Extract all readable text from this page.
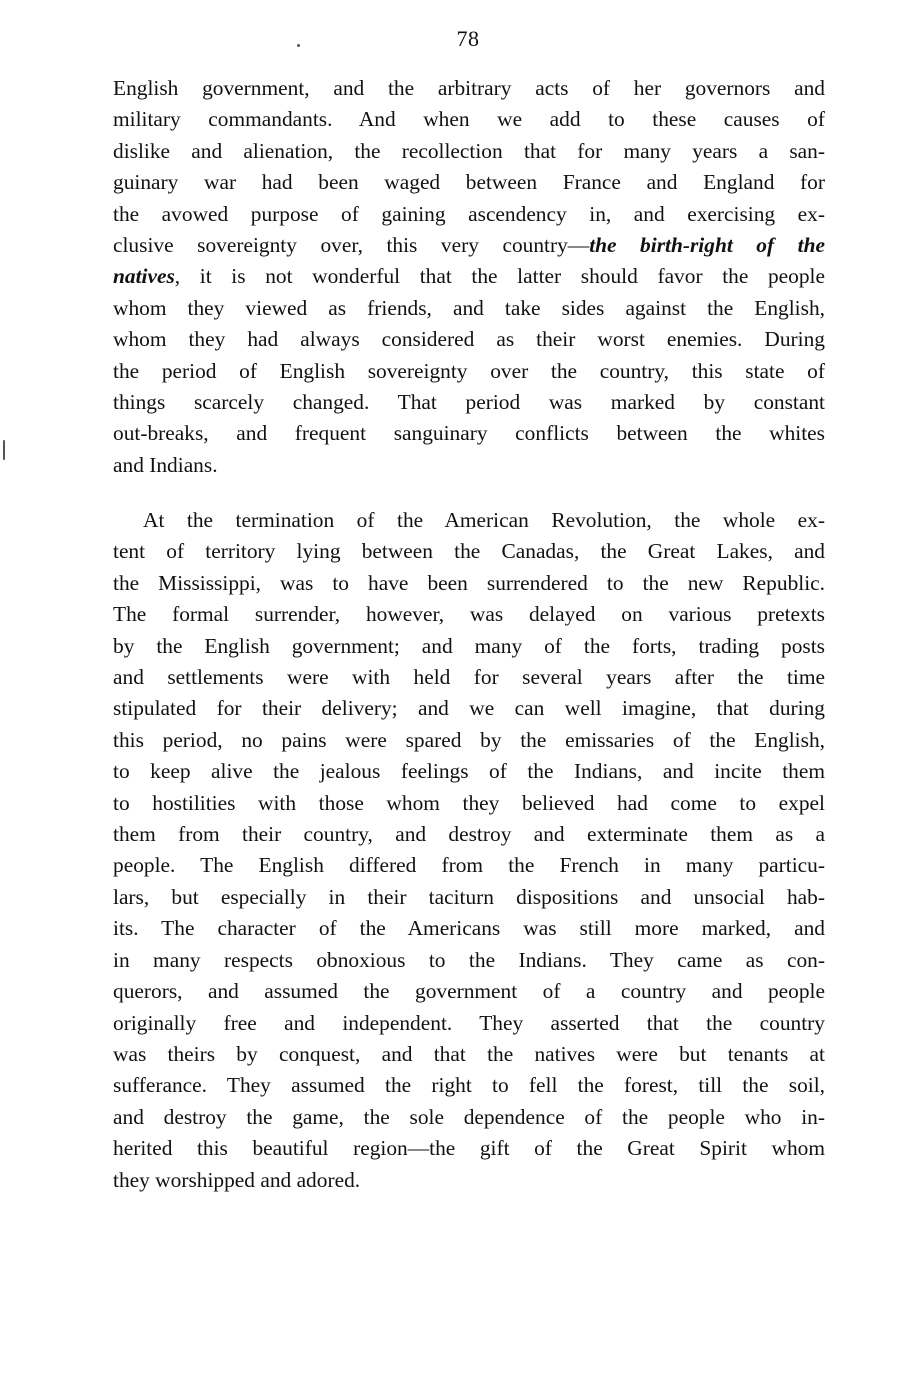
78
English government, and the arbitrary acts of her governors and
military commandants. And when we add to these causes of
dislike and alienation, the recollection that for many years a san-
guinary war had been waged between France and England for
the avowed purpose of gaining ascendency in, and exercising ex-
clusive sovereignty over, this very country—the birth-right of the
natives, it is not wonderful that the latter should favor the people
whom they viewed as friends, and take sides against the English,
whom they had always considered as their worst enemies. During
the period of English sovereignty over the country, this state of
things scarcely changed. That period was marked by constant
out-breaks, and frequent sanguinary conflicts between the whites
and Indians.
At the termination of the American Revolution, the whole ex-
tent of territory lying between the Canadas, the Great Lakes, and
the Mississippi, was to have been surrendered to the new Republic.
The formal surrender, however, was delayed on various pretexts
by the English government; and many of the forts, trading posts
and settlements were with held for several years after the time
stipulated for their delivery; and we can well imagine, that during
this period, no pains were spared by the emissaries of the English,
to keep alive the jealous feelings of the Indians, and incite them
to hostilities with those whom they believed had come to expel
them from their country, and destroy and exterminate them as a
people. The English differed from the French in many particu-
lars, but especially in their taciturn dispositions and unsocial hab-
its. The character of the Americans was still more marked, and
in many respects obnoxious to the Indians. They came as con-
querors, and assumed the government of a country and people
originally free and independent. They asserted that the country
was theirs by conquest, and that the natives were but tenants at
sufferance. They assumed the right to fell the forest, till the soil,
and destroy the game, the sole dependence of the people who in-
herited this beautiful region—the gift of the Great Spirit whom
they worshipped and adored.
